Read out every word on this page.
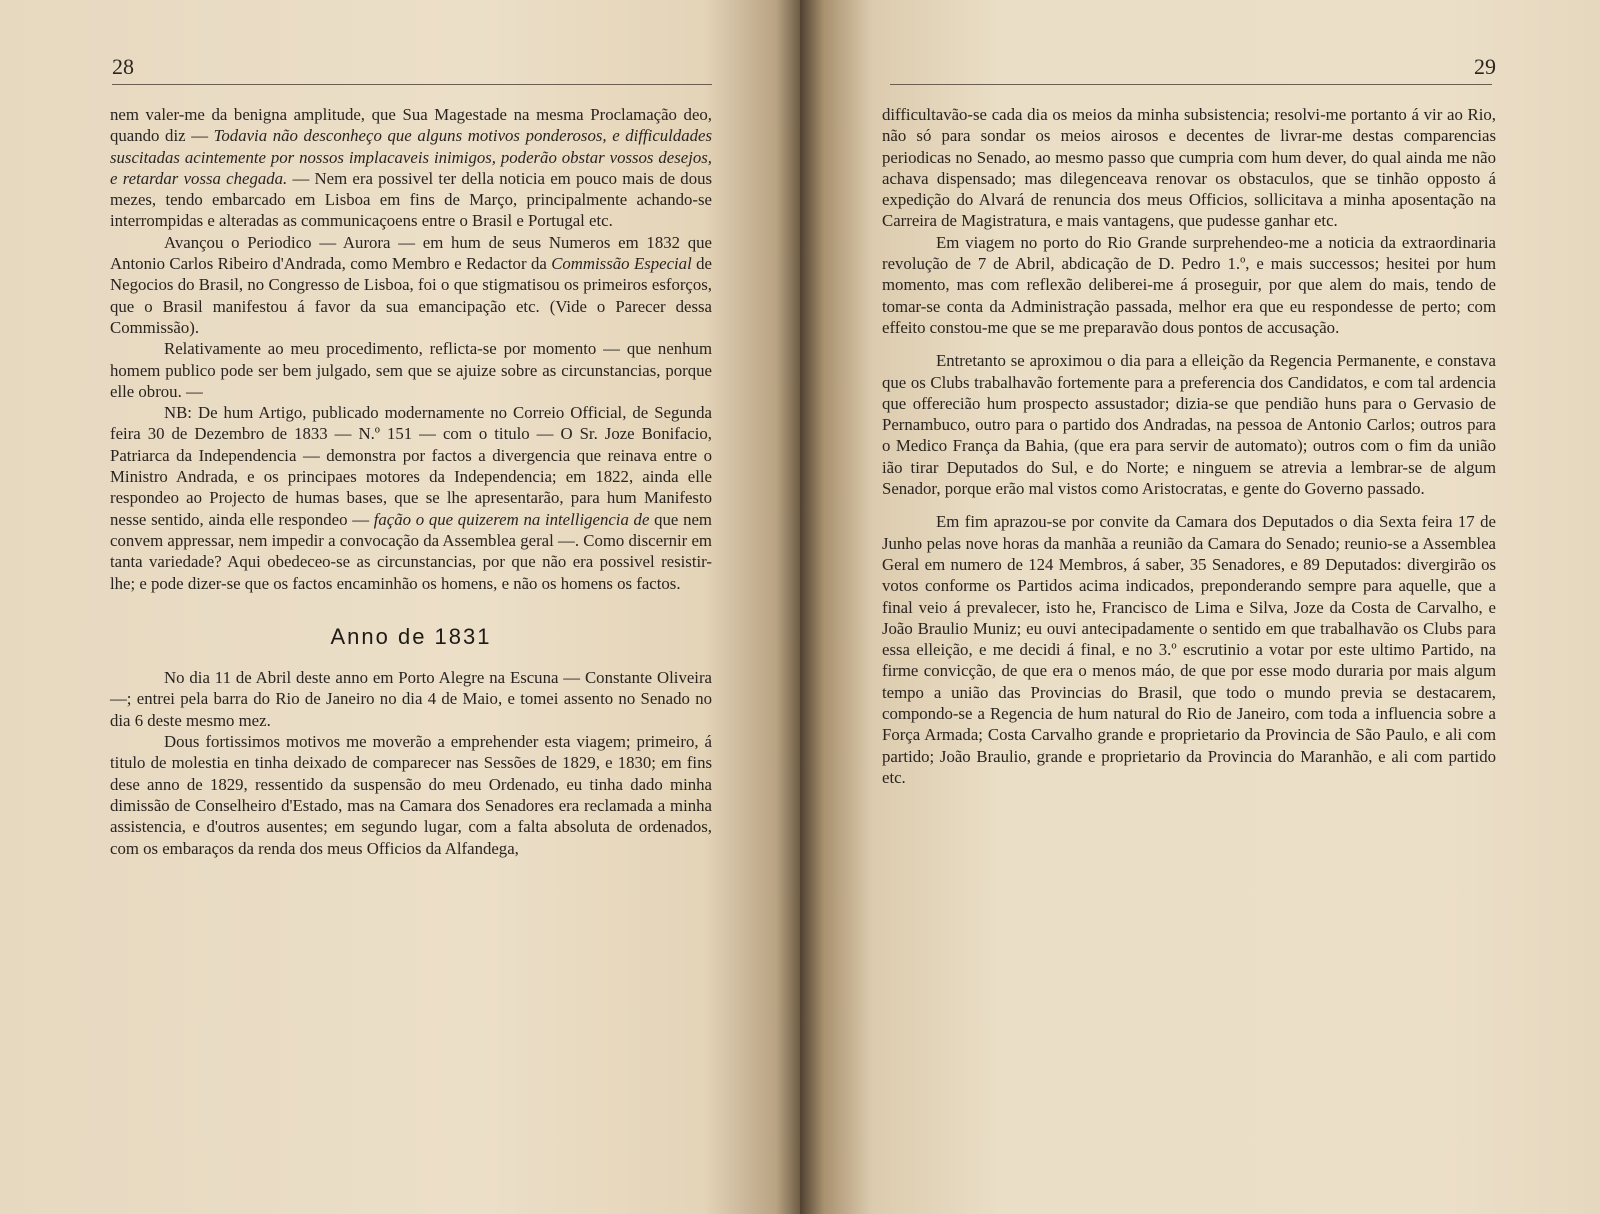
28

nem valer-me da benigna amplitude, que Sua Magestade na mesma Proclamação deo, quando diz — Todavia não desconheço que alguns motivos ponderosos, e difficuldades suscitadas acintemente por nossos implacaveis inimigos, poderão obstar vossos desejos, e retardar vossa chegada. — Nem era possivel ter della noticia em pouco mais de dous mezes, tendo embarcado em Lisboa em fins de Março, principalmente achando-se interrompidas e alteradas as communicaçoens entre o Brasil e Portugal etc.

Avançou o Periodico — Aurora — em hum de seus Numeros em 1832 que Antonio Carlos Ribeiro d'Andrada, como Membro e Redactor da Commissão Especial de Negocios do Brasil, no Congresso de Lisboa, foi o que stigmatisou os primeiros esforços, que o Brasil manifestou á favor da sua emancipação etc. (Vide o Parecer dessa Commissão).

Relativamente ao meu procedimento, reflicta-se por momento — que nenhum homem publico pode ser bem julgado, sem que se ajuize sobre as circunstancias, porque elle obrou. —

NB: De hum Artigo, publicado modernamente no Correio Official, de Segunda feira 30 de Dezembro de 1833 — N.º 151 — com o titulo — O Sr. Joze Bonifacio, Patriarca da Independencia — demonstra por factos a divergencia que reinava entre o Ministro Andrada, e os principaes motores da Independencia; em 1822, ainda elle respondeo ao Projecto de humas bases, que se lhe apresentarão, para hum Manifesto nesse sentido, ainda elle respondeo — fação o que quizerem na intelligencia de que nem convem appressar, nem impedir a convocação da Assemblea geral —. Como discernir em tanta variedade? Aqui obedeceo-se as circunstancias, por que não era possivel resistir-lhe; e pode dizer-se que os factos encaminhão os homens, e não os homens os factos.

Anno de 1831

No dia 11 de Abril deste anno em Porto Alegre na Escuna — Constante Oliveira —; entrei pela barra do Rio de Janeiro no dia 4 de Maio, e tomei assento no Senado no dia 6 deste mesmo mez.

Dous fortissimos motivos me moverão a emprehender esta viagem; primeiro, á titulo de molestia en tinha deixado de comparecer nas Sessões de 1829, e 1830; em fins dese anno de 1829, ressentido da suspensão do meu Ordenado, eu tinha dado minha dimissão de Conselheiro d'Estado, mas na Camara dos Senadores era reclamada a minha assistencia, e d'outros ausentes; em segundo lugar, com a falta absoluta de ordenados, com os embaraços da renda dos meus Officios da Alfandega,

29

difficultavão-se cada dia os meios da minha subsistencia; resolvi-me portanto á vir ao Rio, não só para sondar os meios airosos e decentes de livrar-me destas comparencias periodicas no Senado, ao mesmo passo que cumpria com hum dever, do qual ainda me não achava dispensado; mas dilegenceava renovar os obstaculos, que se tinhão opposto á expedição do Alvará de renuncia dos meus Officios, sollicitava a minha aposentação na Carreira de Magistratura, e mais vantagens, que pudesse ganhar etc.

Em viagem no porto do Rio Grande surprehendeo-me a noticia da extraordinaria revolução de 7 de Abril, abdicação de D. Pedro 1.º, e mais successos; hesitei por hum momento, mas com reflexão deliberei-me á proseguir, por que alem do mais, tendo de tomar-se conta da Administração passada, melhor era que eu respondesse de perto; com effeito constou-me que se me preparavão dous pontos de accusação.

Entretanto se aproximou o dia para a elleição da Regencia Permanente, e constava que os Clubs trabalhavão fortemente para a preferencia dos Candidatos, e com tal ardencia que offerecião hum prospecto assustador; dizia-se que pendião huns para o Gervasio de Pernambuco, outro para o partido dos Andradas, na pessoa de Antonio Carlos; outros para o Medico França da Bahia, (que era para servir de automato); outros com o fim da união ião tirar Deputados do Sul, e do Norte; e ninguem se atrevia a lembrar-se de algum Senador, porque erão mal vistos como Aristocratas, e gente do Governo passado.

Em fim aprazou-se por convite da Camara dos Deputados o dia Sexta feira 17 de Junho pelas nove horas da manhãa a reunião da Camara do Senado; reunio-se a Assemblea Geral em numero de 124 Membros, á saber, 35 Senadores, e 89 Deputados: divergirão os votos conforme os Partidos acima indicados, preponderando sempre para aquelle, que a final veio á prevalecer, isto he, Francisco de Lima e Silva, Joze da Costa de Carvalho, e João Braulio Muniz; eu ouvi antecipadamente o sentido em que trabalhavão os Clubs para essa elleição, e me decidi á final, e no 3.º escrutinio a votar por este ultimo Partido, na firme convicção, de que era o menos máo, de que por esse modo duraria por mais algum tempo a união das Provincias do Brasil, que todo o mundo previa se destacarem, compondo-se a Regencia de hum natural do Rio de Janeiro, com toda a influencia sobre a Força Armada; Costa Carvalho grande e proprietario da Provincia de São Paulo, e ali com partido; João Braulio, grande e proprietario da Provincia do Maranhão, e ali com partido etc.
